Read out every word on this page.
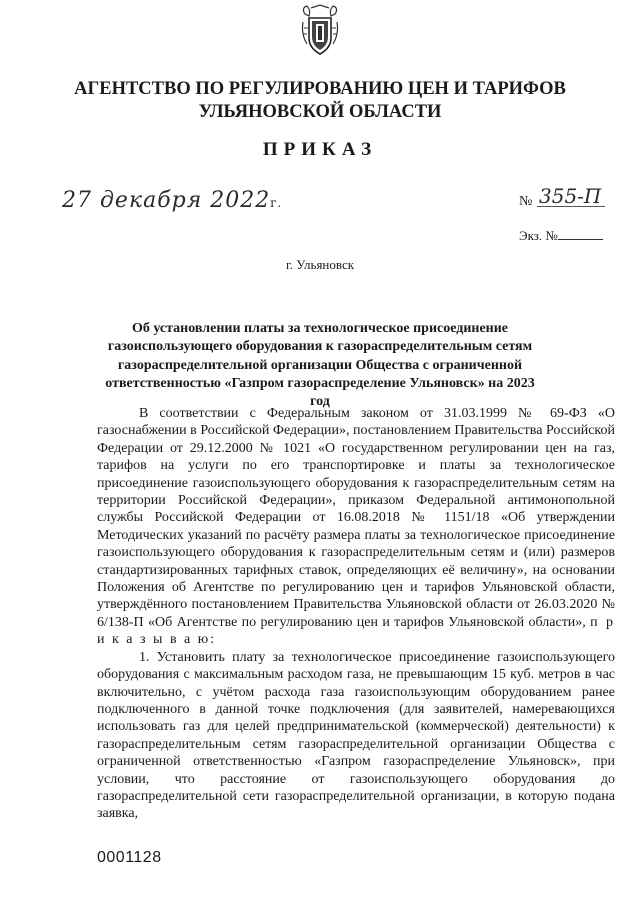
АГЕНТСТВО ПО РЕГУЛИРОВАНИЮ ЦЕН И ТАРИФОВ
УЛЬЯНОВСКОЙ ОБЛАСТИ
ПРИКАЗ
27 декабря 2022г.	№ 355-П
Экз. №
г. Ульяновск
Об установлении платы за технологическое присоединение газоиспользующего оборудования к газораспределительным сетям газораспределительной организации Общества с ограниченной ответственностью «Газпром газораспределение Ульяновск» на 2023 год

В соответствии с Федеральным законом от 31.03.1999 № 69-ФЗ «О газоснабжении в Российской Федерации», постановлением Правительства Российской Федерации от 29.12.2000 № 1021 «О государственном регулировании цен на газ, тарифов на услуги по его транспортировке и платы за технологическое присоединение газоиспользующего оборудования к газораспределительным сетям на территории Российской Федерации», приказом Федеральной антимонопольной службы Российской Федерации от 16.08.2018 № 1151/18 «Об утверждении Методических указаний по расчёту размера платы за технологическое присоединение газоиспользующего оборудования к газораспределительным сетям и (или) размеров стандартизированных тарифных ставок, определяющих её величину», на основании Положения об Агентстве по регулированию цен и тарифов Ульяновской области, утверждённого постановлением Правительства Ульяновской области от 26.03.2020 № 6/138-П «Об Агентстве по регулированию цен и тарифов Ульяновской области», п р и к а з ы в а ю:

1. Установить плату за технологическое присоединение газоиспользующего оборудования с максимальным расходом газа, не превышающим 15 куб. метров в час включительно, с учётом расхода газа газоиспользующим оборудованием ранее подключенного в данной точке подключения (для заявителей, намеревающихся использовать газ для целей предпринимательской (коммерческой) деятельности) к газораспределительным сетям газораспределительной организации Общества с ограниченной ответственностью «Газпром газораспределение Ульяновск», при условии, что расстояние от газоиспользующего оборудования до газораспределительной сети газораспределительной организации, в которую подана заявка,

0001128
